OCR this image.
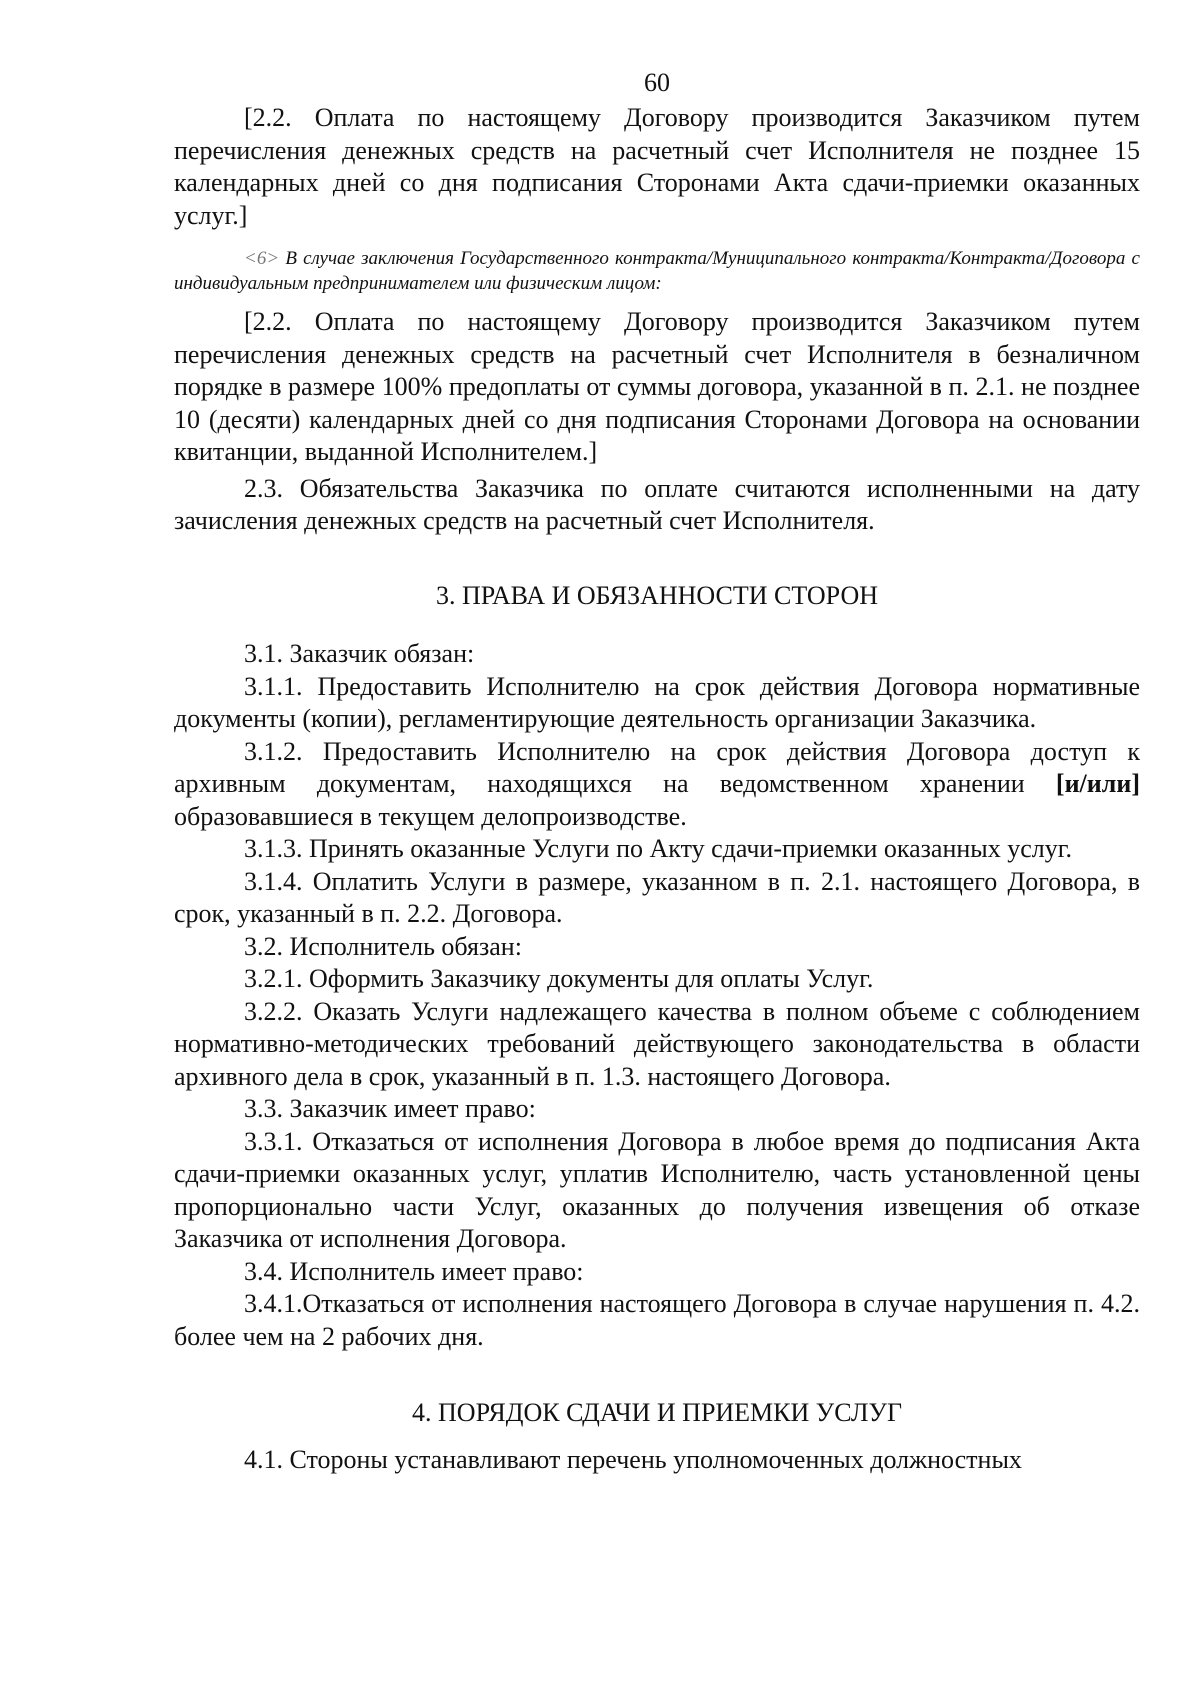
60

[2.2. Оплата по настоящему Договору производится Заказчиком путем перечисления денежных средств на расчетный счет Исполнителя не позднее 15 календарных дней со дня подписания Сторонами Акта сдачи-приемки оказанных услуг.]

<6> В случае заключения Государственного контракта/Муниципального контракта/Контракта/Договора с индивидуальным предпринимателем или физическим лицом:

[2.2. Оплата по настоящему Договору производится Заказчиком путем перечисления денежных средств на расчетный счет Исполнителя в безналичном порядке в размере 100% предоплаты от суммы договора, указанной в п. 2.1. не позднее 10 (десяти) календарных дней со дня подписания Сторонами Договора на основании квитанции, выданной Исполнителем.]

2.3. Обязательства Заказчика по оплате считаются исполненными на дату зачисления денежных средств на расчетный счет Исполнителя.

3. ПРАВА И ОБЯЗАННОСТИ СТОРОН

3.1. Заказчик обязан:

3.1.1. Предоставить Исполнителю на срок действия Договора нормативные документы (копии), регламентирующие деятельность организации Заказчика.

3.1.2. Предоставить Исполнителю на срок действия Договора доступ к архивным документам, находящихся на ведомственном хранении [и/или] образовавшиеся в текущем делопроизводстве.

3.1.3. Принять оказанные Услуги по Акту сдачи-приемки оказанных услуг.

3.1.4. Оплатить Услуги в размере, указанном в п. 2.1. настоящего Договора, в срок, указанный в п. 2.2. Договора.

3.2. Исполнитель обязан:

3.2.1. Оформить Заказчику документы для оплаты Услуг.

3.2.2. Оказать Услуги надлежащего качества в полном объеме с соблюдением нормативно-методических требований действующего законодательства в области архивного дела в срок, указанный в п. 1.3. настоящего Договора.

3.3. Заказчик имеет право:

3.3.1. Отказаться от исполнения Договора в любое время до подписания Акта сдачи-приемки оказанных услуг, уплатив Исполнителю, часть установленной цены пропорционально части Услуг, оказанных до получения извещения об отказе Заказчика от исполнения Договора.

3.4. Исполнитель имеет право:

3.4.1.Отказаться от исполнения настоящего Договора в случае нарушения п. 4.2. более чем на 2 рабочих дня.

4. ПОРЯДОК СДАЧИ И ПРИЕМКИ УСЛУГ

4.1. Стороны устанавливают перечень уполномоченных должностных
